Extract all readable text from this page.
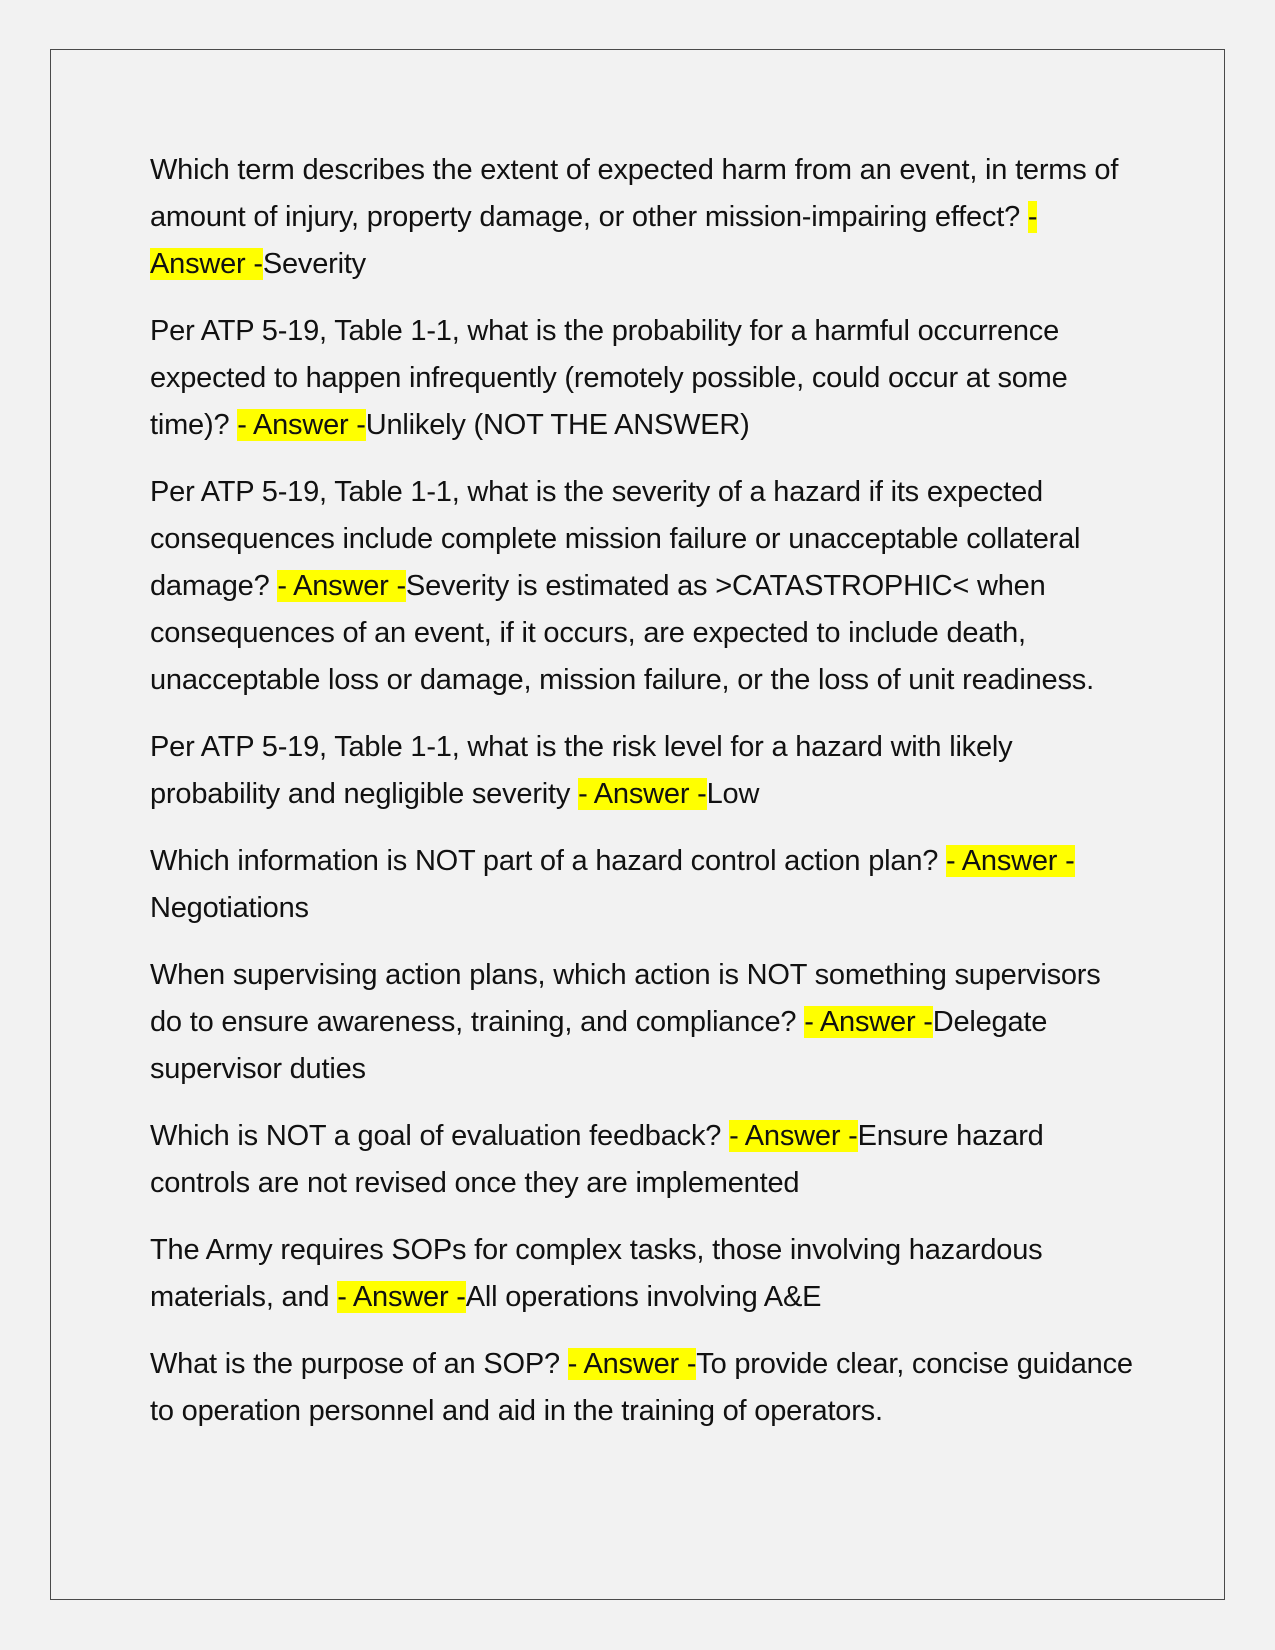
Which term describes the extent of expected harm from an event, in terms of amount of injury, property damage, or other mission-impairing effect? - Answer -Severity

Per ATP 5-19, Table 1-1, what is the probability for a harmful occurrence expected to happen infrequently (remotely possible, could occur at some time)? - Answer -Unlikely (NOT THE ANSWER)

Per ATP 5-19, Table 1-1, what is the severity of a hazard if its expected consequences include complete mission failure or unacceptable collateral damage? - Answer -Severity is estimated as >CATASTROPHIC< when consequences of an event, if it occurs, are expected to include death, unacceptable loss or damage, mission failure, or the loss of unit readiness.

Per ATP 5-19, Table 1-1, what is the risk level for a hazard with likely probability and negligible severity - Answer -Low

Which information is NOT part of a hazard control action plan? - Answer -Negotiations

When supervising action plans, which action is NOT something supervisors do to ensure awareness, training, and compliance? - Answer -Delegate supervisor duties

Which is NOT a goal of evaluation feedback? - Answer -Ensure hazard controls are not revised once they are implemented

The Army requires SOPs for complex tasks, those involving hazardous materials, and - Answer -All operations involving A&E

What is the purpose of an SOP? - Answer -To provide clear, concise guidance to operation personnel and aid in the training of operators.
